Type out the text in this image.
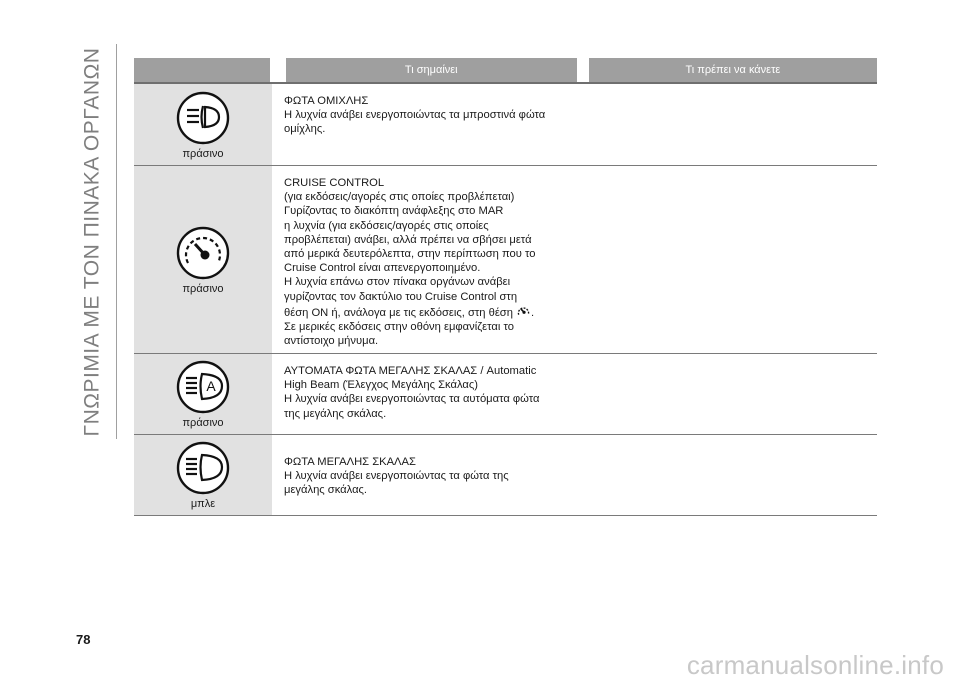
ΓΝΩΡΙΜΙΑ ΜΕ ΤΟΝ ΠΙΝΑΚΑ ΟΡΓΑΝΩΝ	Τι σημαίνει	Τι πρέπει να κάνετε
πράσινο

ΦΩΤΑ ΟΜΙΧΛΗΣ

Η λυχνία ανάβει ενεργοποιώντας τα μπροστινά φώτα

ομίχλης.

πράσινο

CRUISE CONTROL

(για εκδόσεις/αγορές στις οποίες προβλέπεται)

Γυρίζοντας το διακόπτη ανάφλεξης στο MAR

η λυχνία (για εκδόσεις/αγορές στις οποίες

προβλέπεται) ανάβει, αλλά πρέπει να σβήσει μετά

από μερικά δευτερόλεπτα, στην περίπτωση που το

Cruise Control είναι απενεργοποιημένο.

Η λυχνία επάνω στον πίνακα οργάνων ανάβει

γυρίζοντας τον δακτύλιο του Cruise Control στη

θέση ON ή, ανάλογα με τις εκδόσεις, στη θέση .

Σε μερικές εκδόσεις στην οθόνη εμφανίζεται το

αντίστοιχο μήνυμα.

A
πράσινο

ΑΥΤΟΜΑΤΑ ΦΩΤΑ ΜΕΓΑΛΗΣ ΣΚΑΛΑΣ / Automatic

High Beam (Έλεγχος Μεγάλης Σκάλας)

Η λυχνία ανάβει ενεργοποιώντας τα αυτόματα φώτα

της μεγάλης σκάλας.

μπλε

ΦΩΤΑ ΜΕΓΑΛΗΣ ΣΚΑΛΑΣ

Η λυχνία ανάβει ενεργοποιώντας τα φώτα της

μεγάλης σκάλας.

78
carmanualsonline.info
